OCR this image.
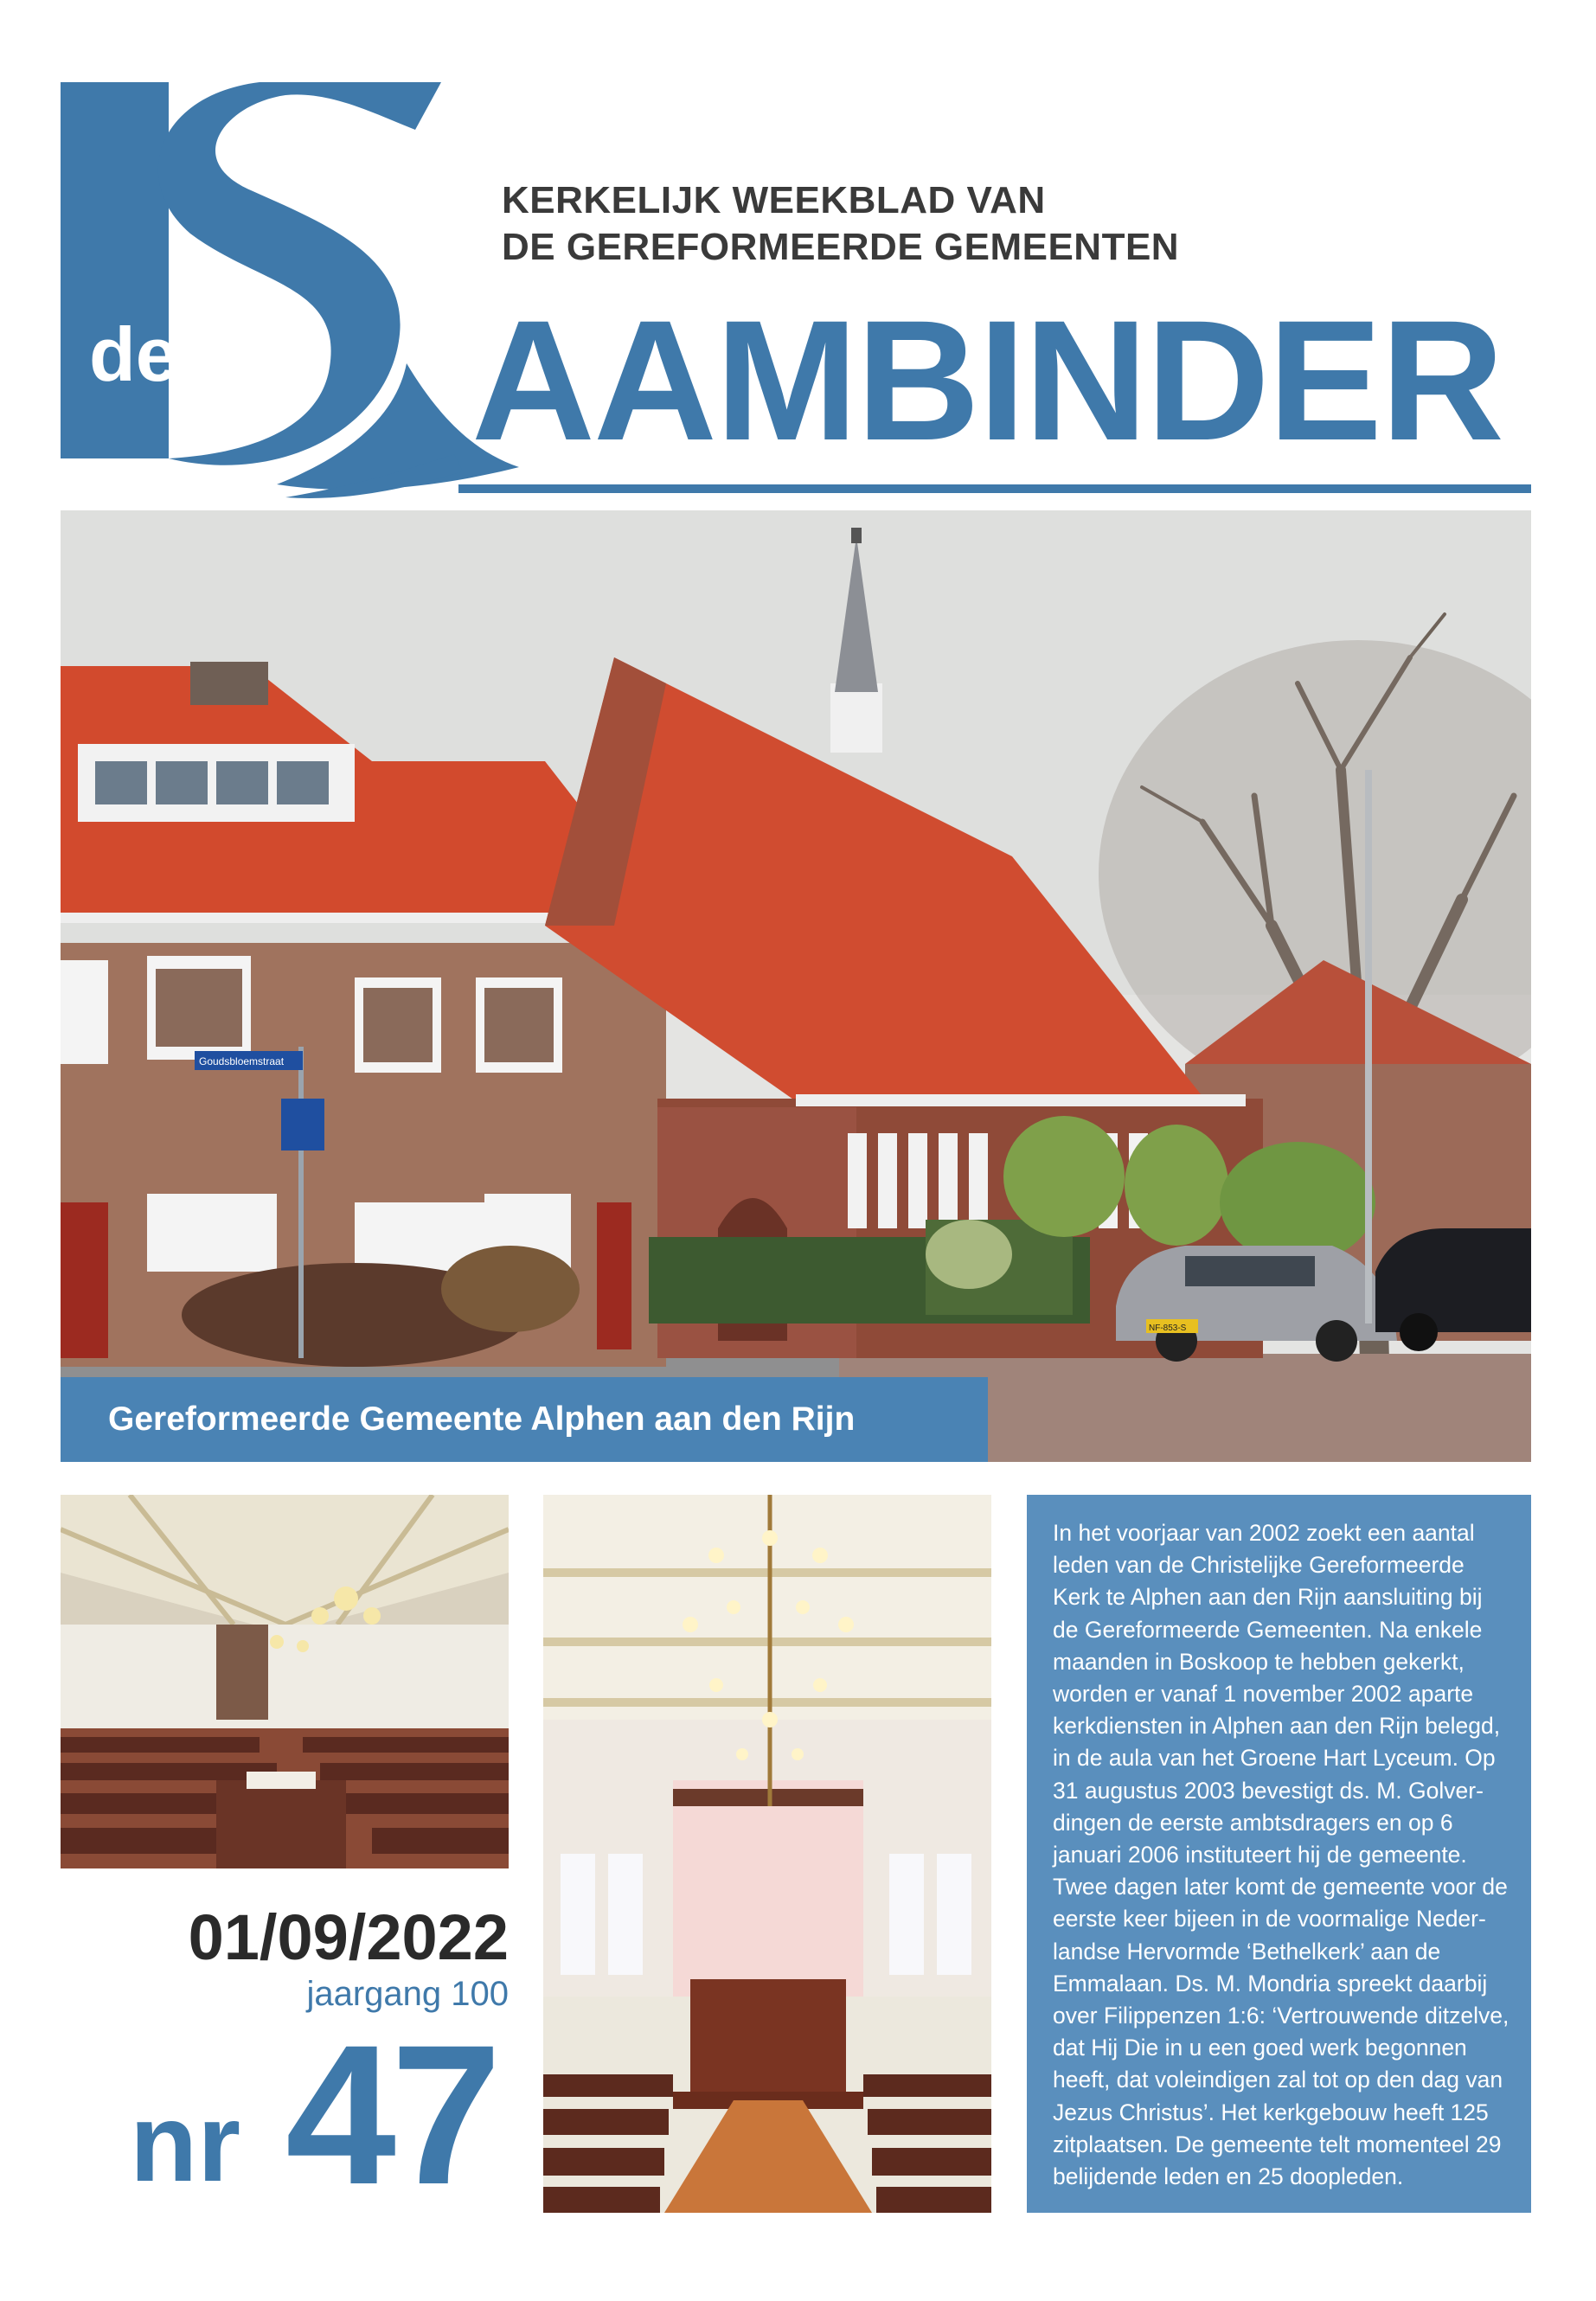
KERKELIJK WEEKBLAD VAN
DE GEREFORMEERDE GEMEENTEN
de AAMBINDER
Goudsbloemstraat
NF-853-S
Gereformeerde Gemeente Alphen aan den Rijn

In het voorjaar van 2002 zoekt een aantal leden van de Christelijke Gereformeerde Kerk te Alphen aan den Rijn aansluiting bij de Gereformeerde Gemeenten. Na enkele maanden in Boskoop te hebben gekerkt, worden er vanaf 1 november 2002 aparte kerkdiensten in Alphen aan den Rijn belegd, in de aula van het Groene Hart Lyceum. Op 31 augustus 2003 bevestigt ds. M. Golverdingen de eerste ambtsdragers en op 6 januari 2006 instituteert hij de gemeente. Twee dagen later komt de gemeente voor de eerste keer bijeen in de voormalige Nederlandse Hervormde ‘Bethelkerk’ aan de Emmalaan. Ds. M. Mondria spreekt daarbij over Filippenzen 1:6: ‘Vertrouwende ditzelve, dat Hij Die in u een goed werk begonnen heeft, dat voleindigen zal tot op den dag van Jezus Christus’. Het kerkgebouw heeft 125 zitplaatsen. De gemeente telt momenteel 29 belijdende leden en 25 doopleden.

01/09/2022
jaargang 100
nr 47
